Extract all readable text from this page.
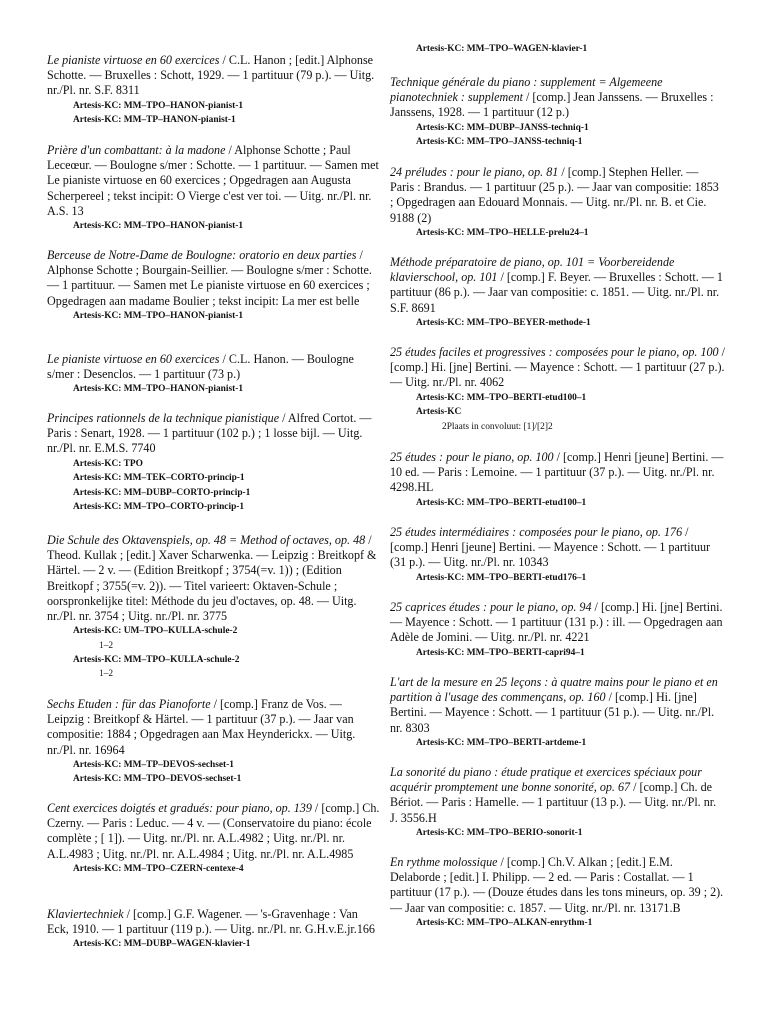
Le pianiste virtuose en 60 exercices / C.L. Hanon ; [edit.] Alphonse Schotte. — Bruxelles : Schott, 1929. — 1 partituur (79 p.). — Uitg. nr./Pl. nr. S.F. 8311

Artesis-KC: MM–TPO–HANON-pianist-1
Artesis-KC: MM–TP–HANON-pianist-1

Prière d'un combattant: à la madone / Alphonse Schotte ; Paul Leceœur. — Boulogne s/mer : Schotte. — 1 partituur. — Samen met Le pianiste virtuose en 60 exercices ; Opgedragen aan Augusta Scherpereel ; tekst incipit: O Vierge c'est ver toi. — Uitg. nr./Pl. nr. A.S. 13

Artesis-KC: MM–TPO–HANON-pianist-1

Berceuse de Notre-Dame de Boulogne: oratorio en deux parties / Alphonse Schotte ; Bourgain-Seillier. — Boulogne s/mer : Schotte. — 1 partituur. — Samen met Le pianiste virtuose en 60 exercices ; Opgedragen aan madame Boulier ; tekst incipit: La mer est belle

Artesis-KC: MM–TPO–HANON-pianist-1

Le pianiste virtuose en 60 exercices / C.L. Hanon. — Boulogne s/mer : Desenclos. — 1 partituur (73 p.)

Artesis-KC: MM–TPO–HANON-pianist-1

Principes rationnels de la technique pianistique / Alfred Cortot. — Paris : Senart, 1928. — 1 partituur (102 p.) ; 1 losse bijl. — Uitg. nr./Pl. nr. E.M.S. 7740

Artesis-KC: TPO
Artesis-KC: MM–TEK–CORTO-princip-1
Artesis-KC: MM–DUBP–CORTO-princip-1
Artesis-KC: MM–TPO–CORTO-princip-1

Die Schule des Oktavenspiels, op. 48 = Method of octaves, op. 48 / Theod. Kullak ; [edit.] Xaver Scharwenka. — Leipzig : Breitkopf & Härtel. — 2 v. — (Edition Breitkopf ; 3754(=v. 1)) ; (Edition Breitkopf ; 3755(=v. 2)). — Titel varieert: Oktaven-Schule ; oorspronkelijke titel: Méthode du jeu d'octaves, op. 48. — Uitg. nr./Pl. nr. 3754 ; Uitg. nr./Pl. nr. 3775

Artesis-KC: UM–TPO–KULLA-schule-2
1–2
Artesis-KC: MM–TPO–KULLA-schule-2
1–2

Sechs Etuden : für das Pianoforte / [comp.] Franz de Vos. — Leipzig : Breitkopf & Härtel. — 1 partituur (37 p.). — Jaar van compositie: 1884 ; Opgedragen aan Max Heynderickx. — Uitg. nr./Pl. nr. 16964

Artesis-KC: MM–TP–DEVOS-sechset-1
Artesis-KC: MM–TPO–DEVOS-sechset-1

Cent exercices doigtés et gradués: pour piano, op. 139 / [comp.] Ch. Czerny. — Paris : Leduc. — 4 v. — (Conservatoire du piano: école complète ; [ 1]). — Uitg. nr./Pl. nr. A.L.4982 ; Uitg. nr./Pl. nr. A.L.4983 ; Uitg. nr./Pl. nr. A.L.4984 ; Uitg. nr./Pl. nr. A.L.4985

Artesis-KC: MM–TPO–CZERN-centexe-4

Klaviertechniek / [comp.] G.F. Wagener. — 's-Gravenhage : Van Eck, 1910. — 1 partituur (119 p.). — Uitg. nr./Pl. nr. G.H.v.E.jr.166

Artesis-KC: MM–DUBP–WAGEN-klavier-1
Artesis-KC: MM–TPO–WAGEN-klavier-1

Technique générale du piano : supplement = Algemeene pianotechniek : supplement / [comp.] Jean Janssens. — Bruxelles : Janssens, 1928. — 1 partituur (12 p.)

Artesis-KC: MM–DUBP–JANSS-techniq-1
Artesis-KC: MM–TPO–JANSS-techniq-1

24 préludes : pour le piano, op. 81 / [comp.] Stephen Heller. — Paris : Brandus. — 1 partituur (25 p.). — Jaar van compositie: 1853 ; Opgedragen aan Edouard Monnais. — Uitg. nr./Pl. nr. B. et Cie. 9188 (2)

Artesis-KC: MM–TPO–HELLE-prelu24–1

Méthode préparatoire de piano, op. 101 = Voorbereidende klavierschool, op. 101 / [comp.] F. Beyer. — Bruxelles : Schott. — 1 partituur (86 p.). — Jaar van compositie: c. 1851. — Uitg. nr./Pl. nr. S.F. 8691

Artesis-KC: MM–TPO–BEYER-methode-1

25 études faciles et progressives : composées pour le piano, op. 100 / [comp.] Hi. [jne] Bertini. — Mayence : Schott. — 1 partituur (27 p.). — Uitg. nr./Pl. nr. 4062

Artesis-KC: MM–TPO–BERTI-etud100–1
Artesis-KC
2Plaats in convoluut: [1]/[2]2

25 études : pour le piano, op. 100 / [comp.] Henri [jeune] Bertini. — 10 ed. — Paris : Lemoine. — 1 partituur (37 p.). — Uitg. nr./Pl. nr. 4298.HL

Artesis-KC: MM–TPO–BERTI-etud100–1

25 études intermédiaires : composées pour le piano, op. 176 / [comp.] Henri [jeune] Bertini. — Mayence : Schott. — 1 partituur (31 p.). — Uitg. nr./Pl. nr. 10343

Artesis-KC: MM–TPO–BERTI-etud176–1

25 caprices études : pour le piano, op. 94 / [comp.] Hi. [jne] Bertini. — Mayence : Schott. — 1 partituur (131 p.) : ill. — Opgedragen aan Adèle de Jomini. — Uitg. nr./Pl. nr. 4221

Artesis-KC: MM–TPO–BERTI-capri94–1

L'art de la mesure en 25 leçons : à quatre mains pour le piano et en partition à l'usage des commençans, op. 160 / [comp.] Hi. [jne] Bertini. — Mayence : Schott. — 1 partituur (51 p.). — Uitg. nr./Pl. nr. 8303

Artesis-KC: MM–TPO–BERTI-artdeme-1

La sonorité du piano : étude pratique et exercices spéciaux pour acquérir promptement une bonne sonorité, op. 67 / [comp.] Ch. de Bériot. — Paris : Hamelle. — 1 partituur (13 p.). — Uitg. nr./Pl. nr. J. 3556.H

Artesis-KC: MM–TPO–BERIO-sonorit-1

En rythme molossique / [comp.] Ch.V. Alkan ; [edit.] E.M. Delaborde ; [edit.] I. Philipp. — 2 ed. — Paris : Costallat. — 1 partituur (17 p.). — (Douze études dans les tons mineurs, op. 39 ; 2). — Jaar van compositie: c. 1857. — Uitg. nr./Pl. nr. 13171.B

Artesis-KC: MM–TPO–ALKAN-enrythm-1
